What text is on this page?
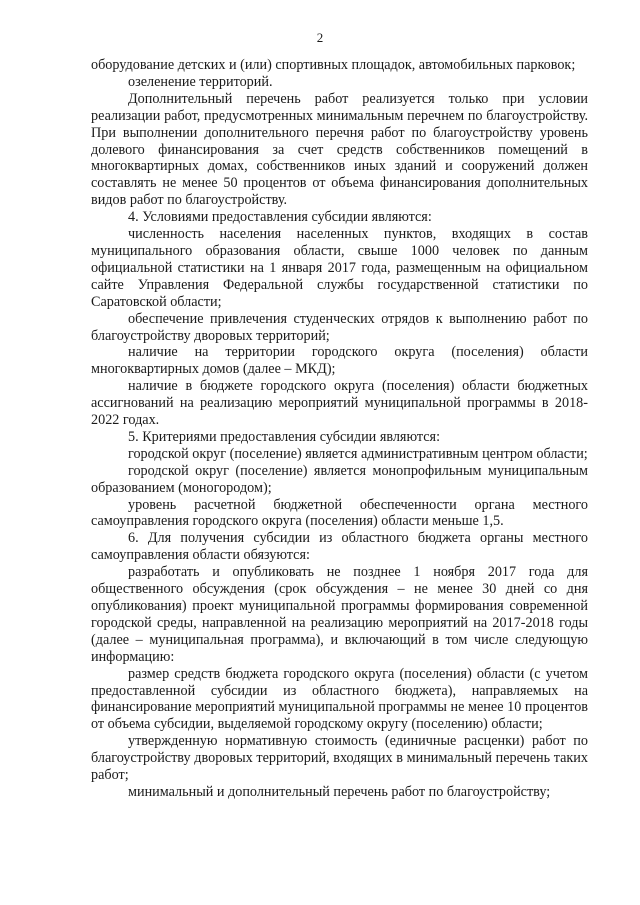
2

оборудование детских и (или) спортивных площадок, автомобильных парковок;

озеленение территорий.

Дополнительный перечень работ реализуется только при условии реализации работ, предусмотренных минимальным перечнем по благоустройству. При выполнении дополнительного перечня работ по благоустройству уровень долевого финансирования за счет средств собственников помещений в многоквартирных домах, собственников иных зданий и сооружений должен составлять не менее 50 процентов от объема финансирования дополнительных видов работ по благоустройству.

4. Условиями предоставления субсидии являются:

численность населения населенных пунктов, входящих в состав муниципального образования области, свыше 1000 человек по данным официальной статистики на 1 января 2017 года, размещенным на официальном сайте Управления Федеральной службы государственной статистики по Саратовской области;

обеспечение привлечения студенческих отрядов к выполнению работ по благоустройству дворовых территорий;

наличие на территории городского округа (поселения) области многоквартирных домов (далее – МКД);

наличие в бюджете городского округа (поселения) области бюджетных ассигнований на реализацию мероприятий муниципальной программы в 2018-2022 годах.

5. Критериями предоставления субсидии являются:

городской округ (поселение) является административным центром области;

городской округ (поселение) является монопрофильным муниципальным образованием (моногородом);

уровень расчетной бюджетной обеспеченности органа местного самоуправления городского округа (поселения) области меньше 1,5.

6. Для получения субсидии из областного бюджета органы местного самоуправления области обязуются:

разработать и опубликовать не позднее 1 ноября 2017 года для общественного обсуждения (срок обсуждения – не менее 30 дней со дня опубликования) проект муниципальной программы формирования современной городской среды, направленной на реализацию мероприятий на 2017-2018 годы (далее – муниципальная программа), и включающий в том числе следующую информацию:

размер средств бюджета городского округа (поселения) области (с учетом предоставленной субсидии из областного бюджета), направляемых на финансирование мероприятий муниципальной программы не менее 10 процентов от объема субсидии, выделяемой городскому округу (поселению) области;

утвержденную нормативную стоимость (единичные расценки) работ по благоустройству дворовых территорий, входящих в минимальный перечень таких работ;

минимальный и дополнительный перечень работ по благоустройству;
